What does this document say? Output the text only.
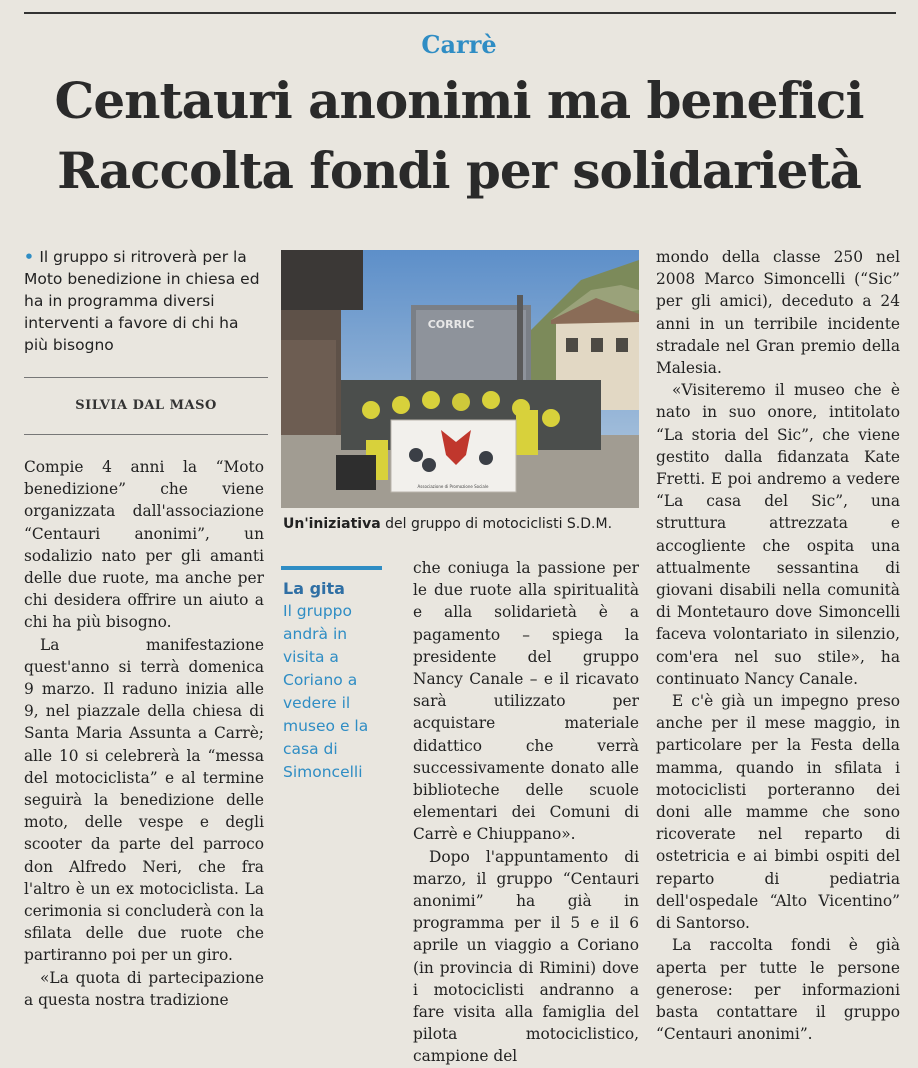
Carrè
Centauri anonimi ma benefici
Raccolta fondi per solidarietà
• Il gruppo si ritroverà per la Moto benedizione in chiesa ed ha in programma diversi interventi a favore di chi ha più bisogno
SILVIA DAL MASO

Compie 4 anni la “Moto benedizione” che viene organizzata dall'associazione “Centauri anonimi”, un sodalizio nato per gli amanti delle due ruote, ma anche per chi desidera offrire un aiuto a chi ha più bisogno.

La manifestazione quest'anno si terrà domenica 9 marzo. Il raduno inizia alle 9, nel piazzale della chiesa di Santa Maria Assunta a Carrè; alle 10 si celebrerà la “messa del motociclista” e al termine seguirà la benedizione delle moto, delle vespe e degli scooter da parte del parroco don Alfredo Neri, che fra l'altro è un ex motociclista. La cerimonia si concluderà con la sfilata delle due ruote che partiranno poi per un giro.

«La quota di partecipazione a questa nostra tradizione

CORRIC
Associazione di Promozione Sociale
Un'iniziativa del gruppo di motociclisti S.D.M.
La gita
Il gruppo andrà in visita a Coriano a vedere il museo e la casa di Simoncelli

che coniuga la passione per le due ruote alla spiritualità e alla solidarietà è a pagamento – spiega la presidente del gruppo Nancy Canale – e il ricavato sarà utilizzato per acquistare materiale didattico che verrà successivamente donato alle biblioteche delle scuole elementari dei Comuni di Carrè e Chiuppano».

Dopo l'appuntamento di marzo, il gruppo “Centauri anonimi” ha già in programma per il 5 e il 6 aprile un viaggio a Coriano (in provincia di Rimini) dove i motociclisti andranno a fare visita alla famiglia del pilota motociclistico, campione del

mondo della classe 250 nel 2008 Marco Simoncelli (“Sic” per gli amici), deceduto a 24 anni in un terribile incidente stradale nel Gran premio della Malesia.

«Visiteremo il museo che è nato in suo onore, intitolato “La storia del Sic”, che viene gestito dalla fidanzata Kate Fretti. E poi andremo a vedere “La casa del Sic”, una struttura attrezzata e accogliente che ospita una attualmente sessantina di giovani disabili nella comunità di Montetauro dove Simoncelli faceva volontariato in silenzio, com'era nel suo stile», ha continuato Nancy Canale.

E c'è già un impegno preso anche per il mese maggio, in particolare per la Festa della mamma, quando in sfilata i motociclisti porteranno dei doni alle mamme che sono ricoverate nel reparto di ostetricia e ai bimbi ospiti del reparto di pediatria dell'ospedale “Alto Vicentino” di Santorso.

La raccolta fondi è già aperta per tutte le persone generose: per informazioni basta contattare il gruppo “Centauri anonimi”.
